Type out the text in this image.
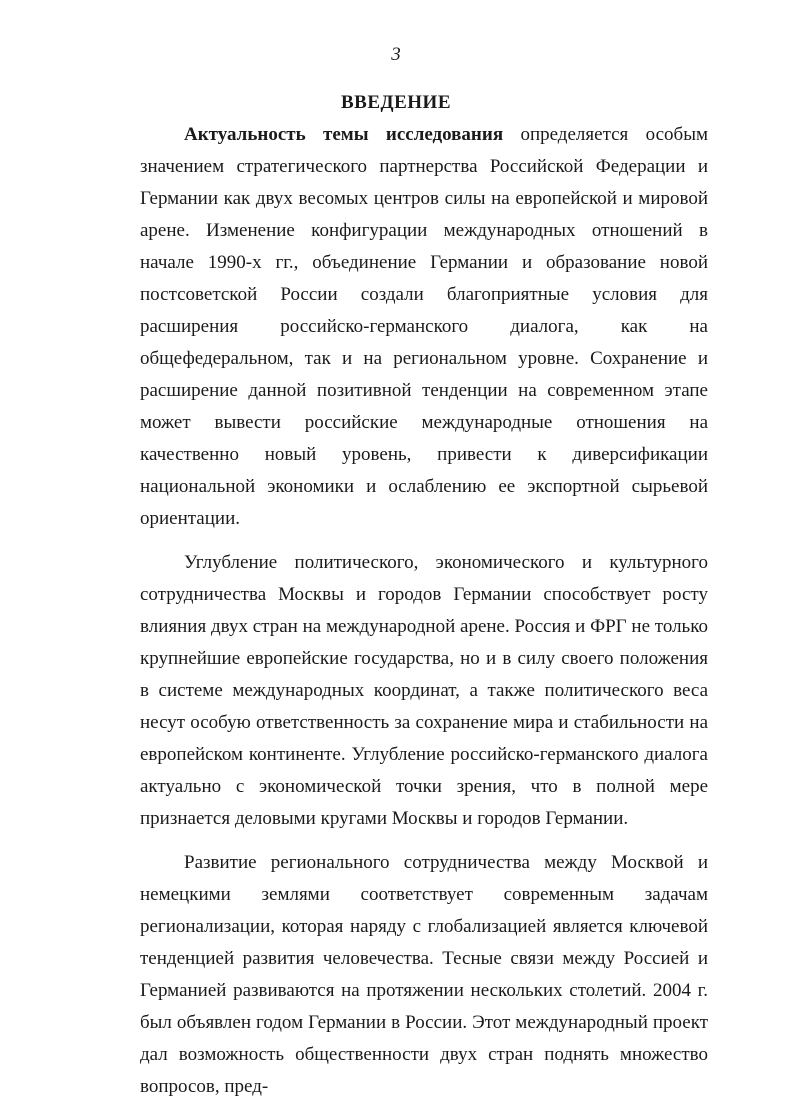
3
ВВЕДЕНИЕ

Актуальность темы исследования определяется особым значением стратегического партнерства Российской Федерации и Германии как двух весомых центров силы на европейской и мировой арене. Изменение конфигурации международных отношений в начале 1990-х гг., объединение Германии и образование новой постсоветской России создали благоприятные условия для расширения российско-германского диалога, как на общефедеральном, так и на региональном уровне. Сохранение и расширение данной позитивной тенденции на современном этапе может вывести российские международные отношения на качественно новый уровень, привести к диверсификации национальной экономики и ослаблению ее экспортной сырьевой ориентации.

Углубление политического, экономического и культурного сотрудничества Москвы и городов Германии способствует росту влияния двух стран на международной арене. Россия и ФРГ не только крупнейшие европейские государства, но и в силу своего положения в системе международных координат, а также политического веса несут особую ответственность за сохранение мира и стабильности на европейском континенте. Углубление российско-германского диалога актуально с экономической точки зрения, что в полной мере признается деловыми кругами Москвы и городов Германии.

Развитие регионального сотрудничества между Москвой и немецкими землями соответствует современным задачам регионализации, которая наряду с глобализацией является ключевой тенденцией развития человечества. Тесные связи между Россией и Германией развиваются на протяжении нескольких столетий. 2004 г. был объявлен годом Германии в России. Этот международный проект дал возможность общественности двух стран поднять множество вопросов, пред-
